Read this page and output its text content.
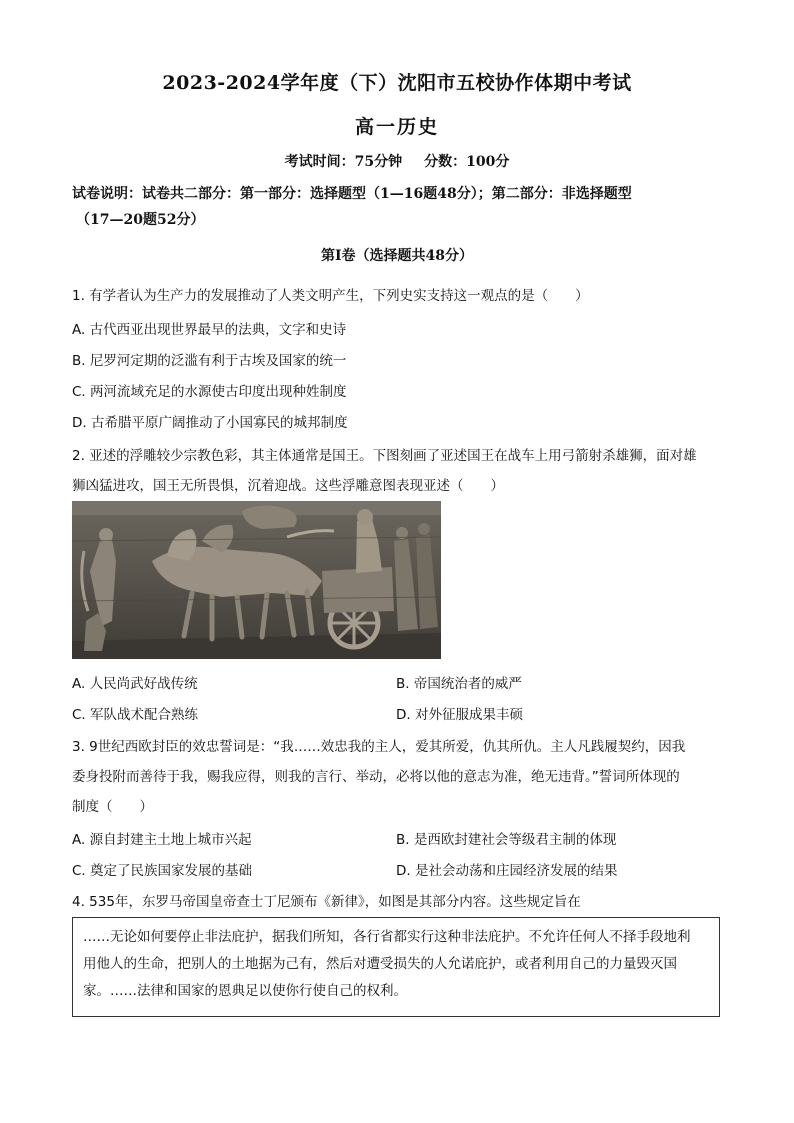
2023-2024学年度（下）沈阳市五校协作体期中考试
高一历史
考试时间：75分钟 分数：100分
试卷说明：试卷共二部分：第一部分：选择题型（1—16题48分）；第二部分：非选择题型

（17—20题52分）
第Ⅰ卷（选择题共48分）
1. 有学者认为生产力的发展推动了人类文明产生，下列史实支持这一观点的是（　　）
A. 古代西亚出现世界最早的法典，文字和史诗
B. 尼罗河定期的泛滥有利于古埃及国家的统一
C. 两河流域充足的水源使古印度出现种姓制度
D. 古希腊平原广阔推动了小国寡民的城邦制度
2. 亚述的浮雕较少宗教色彩，其主体通常是国王。下图刻画了亚述国王在战车上用弓箭射杀雄狮，面对雄
狮凶猛进攻，国王无所畏惧，沉着迎战。这些浮雕意图表现亚述（　　）
A. 人民尚武好战传统	B. 帝国统治者的威严
C. 军队战术配合熟练	D. 对外征服成果丰硕
3. 9世纪西欧封臣的效忠誓词是：“我……效忠我的主人，爱其所爱，仇其所仇。主人凡践履契约，因我
委身投附而善待于我，赐我应得，则我的言行、举动，必将以他的意志为准，绝无违背。”誓词所体现的
制度（　　）
A. 源自封建主土地上城市兴起	B. 是西欧封建社会等级君主制的体现
C. 奠定了民族国家发展的基础	D. 是社会动荡和庄园经济发展的结果
4. 535年，东罗马帝国皇帝查士丁尼颁布《新律》，如图是其部分内容。这些规定旨在
……无论如何要停止非法庇护，据我们所知，各行省都实行这种非法庇护。不允许任何人不择手段地利
用他人的生命，把别人的土地据为己有，然后对遭受损失的人允诺庇护，或者利用自己的力量毁灭国
家。……法律和国家的恩典足以使你行使自己的权利。
